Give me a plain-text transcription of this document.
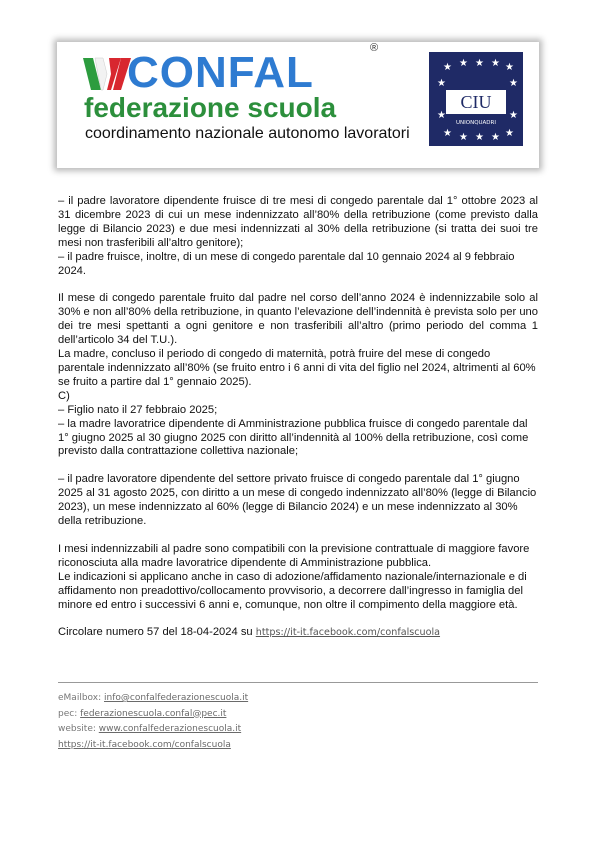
CONFAL	®
federazione scuola
coordinamento nazionale autonomo lavoratori
★ ★ ★ ★ ★
★	★
★	★
★ ★ ★ ★ ★
CIU
UNIONQUADRI

– il padre lavoratore dipendente fruisce di tre mesi di congedo parentale dal 1° ottobre 2023 al 31 dicembre 2023 di cui un mese indennizzato all’80% della retribuzione (come previsto dalla legge di Bilancio 2023) e due mesi indennizzati al 30% della retribuzione (si tratta dei suoi tre mesi non trasferibili all’altro genitore);

– il padre fruisce, inoltre, di un mese di congedo parentale dal 10 gennaio 2024 al 9 febbraio 2024.

Il mese di congedo parentale fruito dal padre nel corso dell’anno 2024 è indennizzabile solo al 30% e non all’80% della retribuzione, in quanto l’elevazione dell’indennità è prevista solo per uno dei tre mesi spettanti a ogni genitore e non trasferibili all’altro (primo periodo del comma 1 dell’articolo 34 del T.U.).

La madre, concluso il periodo di congedo di maternità, potrà fruire del mese di congedo parentale indennizzato all’80% (se fruito entro i 6 anni di vita del figlio nel 2024, altrimenti al 60% se fruito a partire dal 1° gennaio 2025).

C)

– Figlio nato il 27 febbraio 2025;

– la madre lavoratrice dipendente di Amministrazione pubblica fruisce di congedo parentale dal 1° giugno 2025 al 30 giugno 2025 con diritto all’indennità al 100% della retribuzione, così come previsto dalla contrattazione collettiva nazionale;

– il padre lavoratore dipendente del settore privato fruisce di congedo parentale dal 1° giugno 2025 al 31 agosto 2025, con diritto a un mese di congedo indennizzato all’80% (legge di Bilancio 2023), un mese indennizzato al 60% (legge di Bilancio 2024) e un mese indennizzato al 30% della retribuzione.

I mesi indennizzabili al padre sono compatibili con la previsione contrattuale di maggiore favore riconosciuta alla madre lavoratrice dipendente di Amministrazione pubblica.

Le indicazioni si applicano anche in caso di adozione/affidamento nazionale/internazionale e di affidamento non preadottivo/collocamento provvisorio, a decorrere dall’ingresso in famiglia del minore ed entro i successivi 6 anni e, comunque, non oltre il compimento della maggiore età.

Circolare numero 57 del 18-04-2024 su https://it-it.facebook.com/confalscuola

eMailbox: info@confalfederazionescuola.it
pec: federazionescuola.confal@pec.it
website: www.confalfederazionescuola.it
https://it-it.facebook.com/confalscuola
